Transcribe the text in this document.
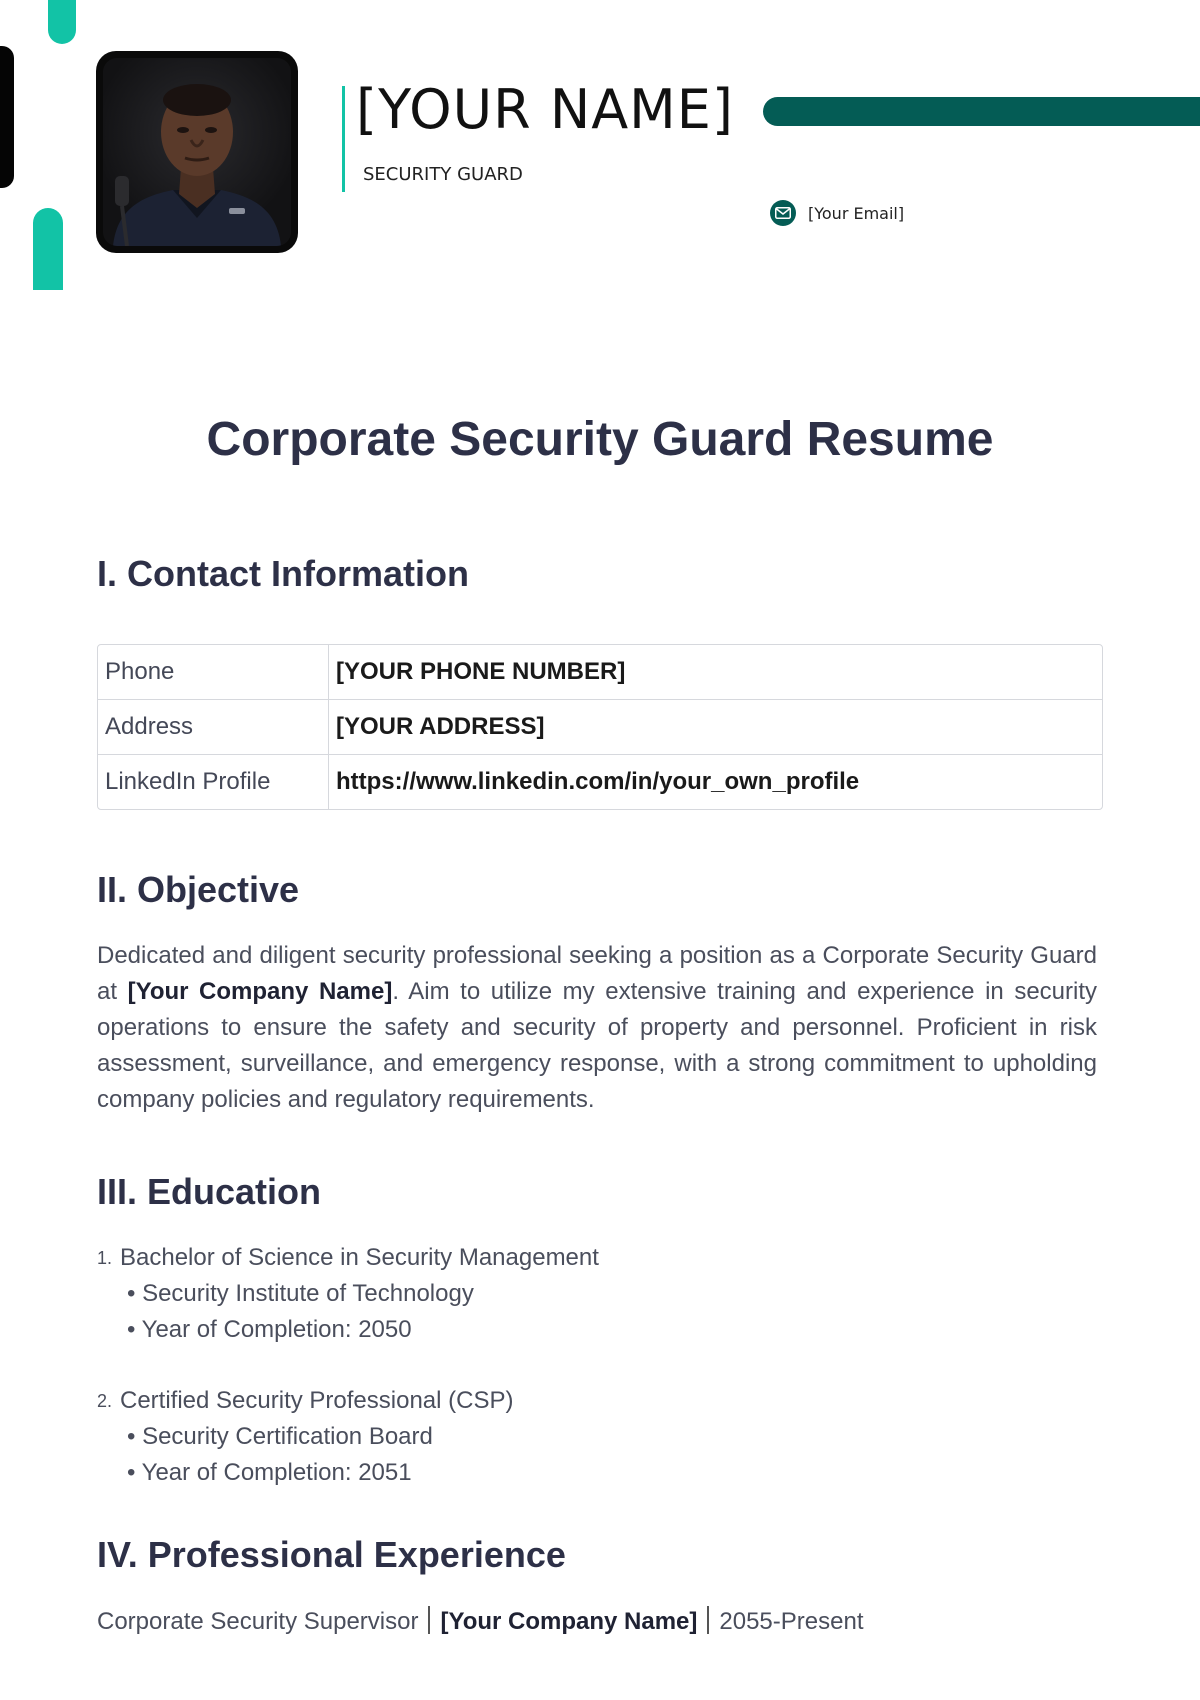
[YOUR NAME]
SECURITY GUARD
[Your Email]
Corporate Security Guard Resume
I. Contact Information
Phone	[YOUR PHONE NUMBER]
Address	[YOUR ADDRESS]
LinkedIn Profile	https://www.linkedin.com/in/your_own_profile
II. Objective

Dedicated and diligent security professional seeking a position as a Corporate Security Guard at [Your Company Name]. Aim to utilize my extensive training and experience in security operations to ensure the safety and security of property and personnel. Proficient in risk assessment, surveillance, and emergency response, with a strong commitment to upholding company policies and regulatory requirements.

III. Education
1. Bachelor of Science in Security Management
• Security Institute of Technology
• Year of Completion: 2050
2. Certified Security Professional (CSP)
• Security Certification Board
• Year of Completion: 2051
IV. Professional Experience
Corporate Security Supervisor [Your Company Name] 2055-Present
